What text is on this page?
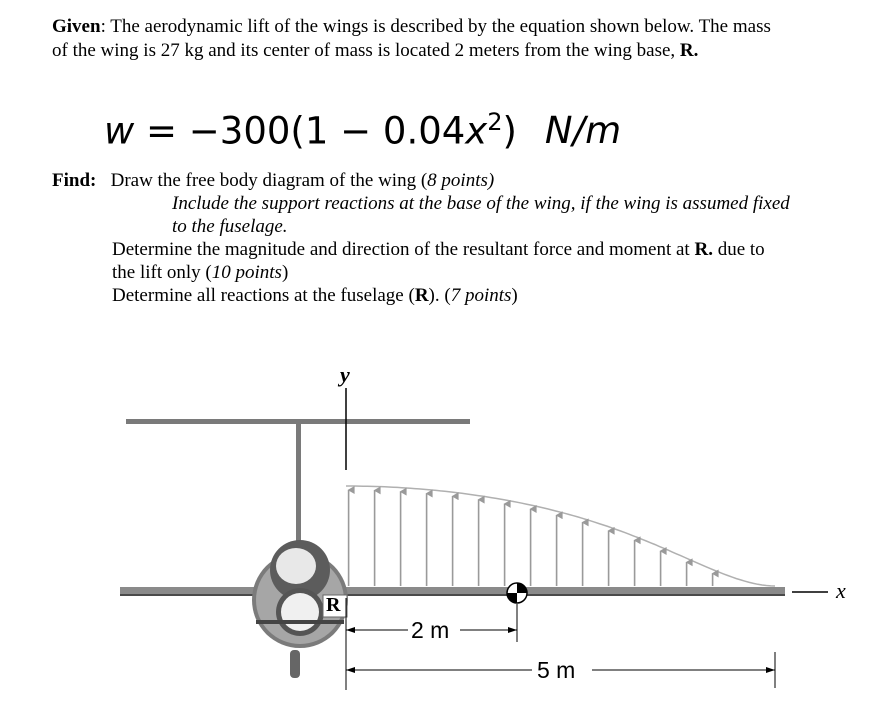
Given: The aerodynamic lift of the wings is described by the equation shown below. The mass
of the wing is 27 kg and its center of mass is located 2 meters from the wing base, R.
$w = -300(1 - 0.04x^2)$ N/m
Find: Draw the free body diagram of the wing (8 points)
Include the support reactions at the base of the wing, if the wing is assumed fixed
to the fuselage.
Determine the magnitude and direction of the resultant force and moment at R. due to
the lift only (10 points)
Determine all reactions at the fuselage (R). (7 points)
y
x
R
2 m
5 m
